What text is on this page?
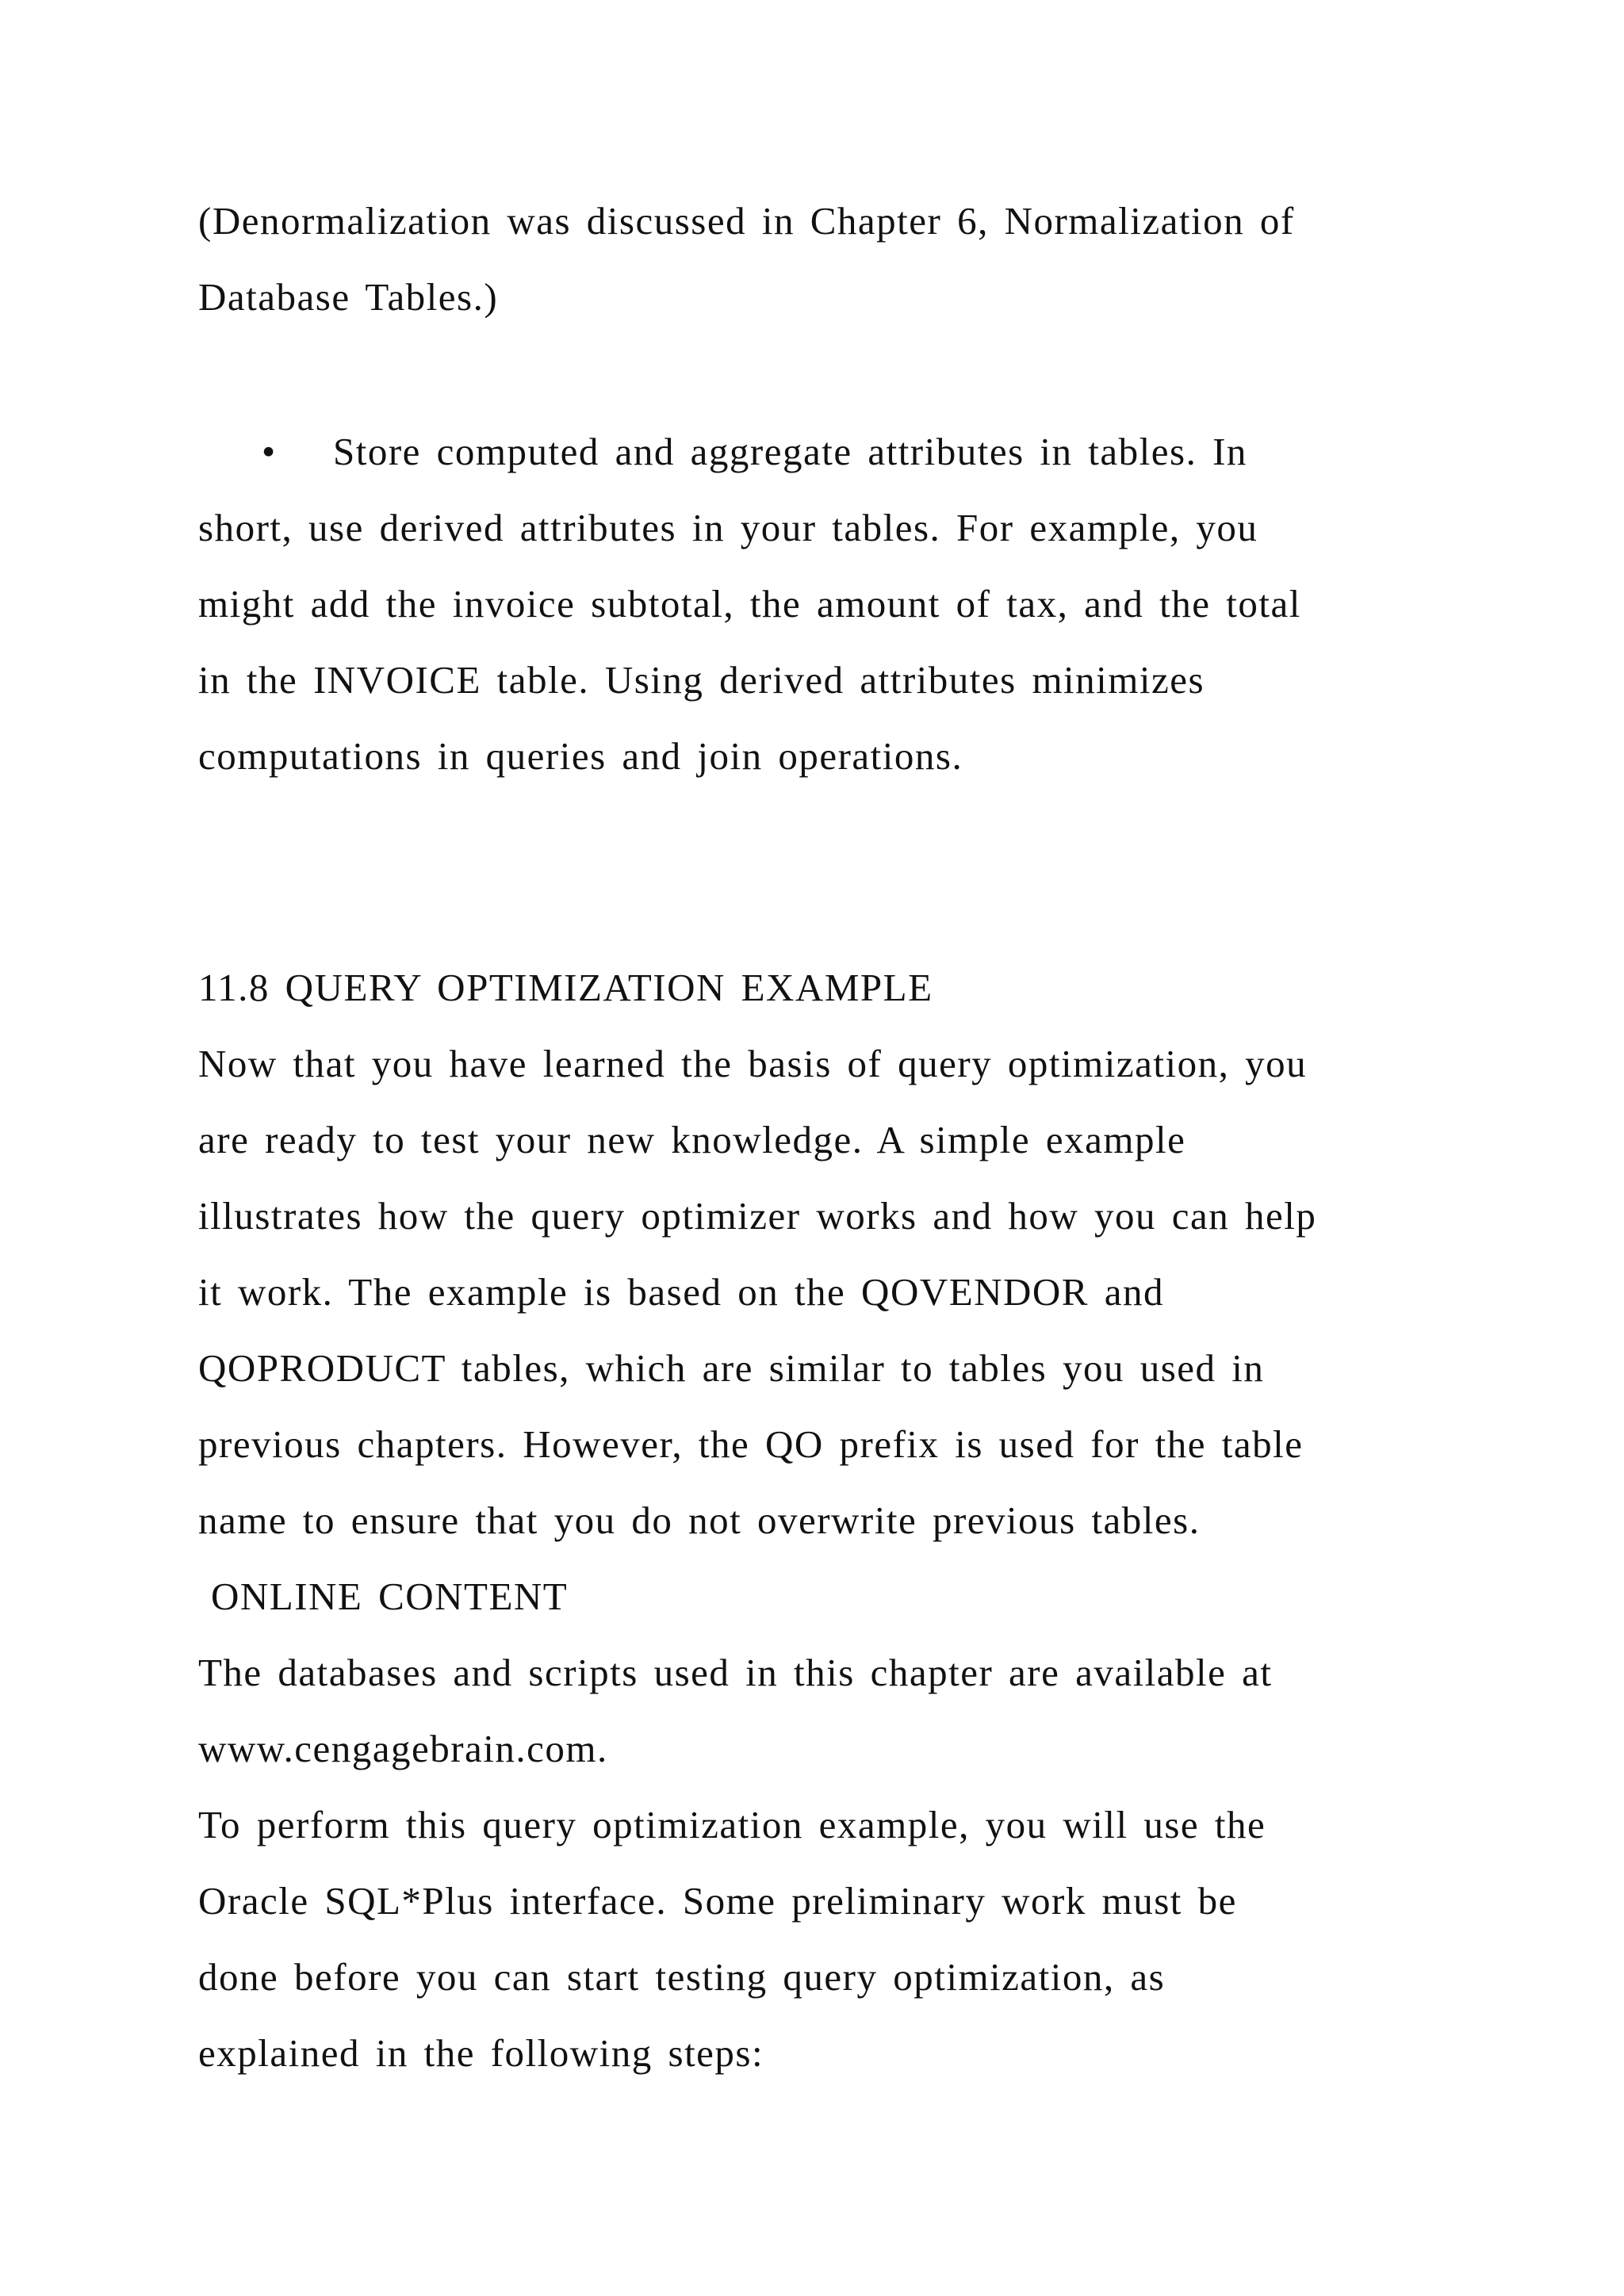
(Denormalization was discussed in Chapter 6, Normalization of

Database Tables.)

• Store computed and aggregate attributes in tables. In

short, use derived attributes in your tables. For example, you

might add the invoice subtotal, the amount of tax, and the total

in the INVOICE table. Using derived attributes minimizes

computations in queries and join operations.

11.8 QUERY OPTIMIZATION EXAMPLE

Now that you have learned the basis of query optimization, you

are ready to test your new knowledge. A simple example

illustrates how the query optimizer works and how you can help

it work. The example is based on the QOVENDOR and

QOPRODUCT tables, which are similar to tables you used in

previous chapters. However, the QO prefix is used for the table

name to ensure that you do not overwrite previous tables.

ONLINE CONTENT

The databases and scripts used in this chapter are available at

www.cengagebrain.com.

To perform this query optimization example, you will use the

Oracle SQL*Plus interface. Some preliminary work must be

done before you can start testing query optimization, as

explained in the following steps:
